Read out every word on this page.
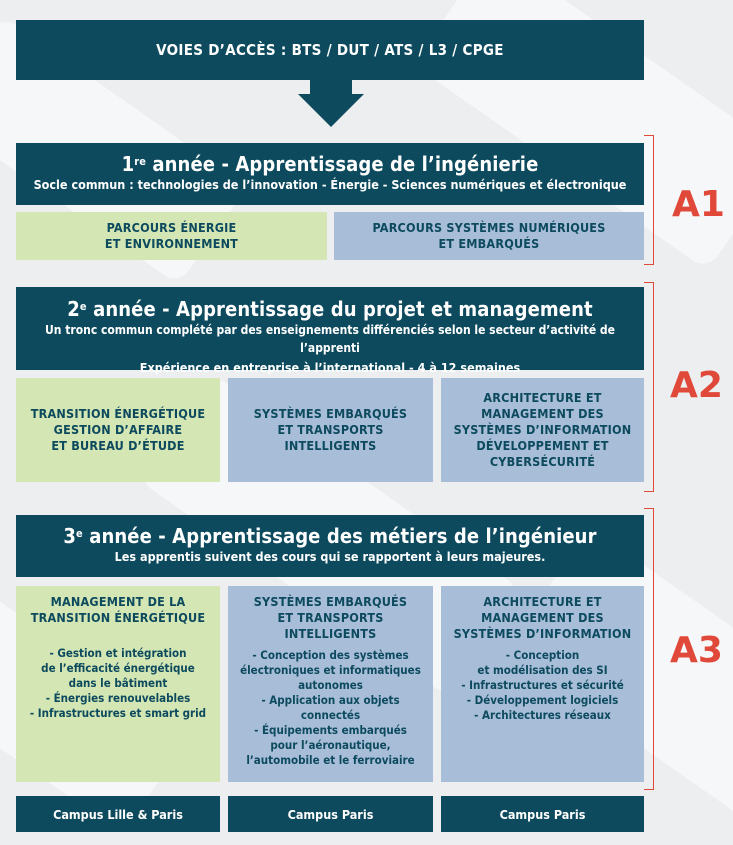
VOIES D’ACCÈS : BTS / DUT / ATS / L3 / CPGE
1re année - Apprentissage de l’ingénierie
Socle commun : technologies de l’innovation - Énergie - Sciences numériques et électronique
PARCOURS ÉNERGIE
ET ENVIRONNEMENT
PARCOURS SYSTÈMES NUMÉRIQUES
ET EMBARQUÉS
A1
2e année - Apprentissage du projet et management
Un tronc commun complété par des enseignements différenciés selon le secteur d’activité de l’apprenti
Expérience en entreprise à l’international - 4 à 12 semaines
TRANSITION ÉNERGÉTIQUE
GESTION D’AFFAIRE
ET BUREAU D’ÉTUDE
SYSTÈMES EMBARQUÉS
ET TRANSPORTS
INTELLIGENTS
ARCHITECTURE ET
MANAGEMENT DES
SYSTÈMES D’INFORMATION
DÉVELOPPEMENT ET
CYBERSÉCURITÉ
A2
3e année - Apprentissage des métiers de l’ingénieur
Les apprentis suivent des cours qui se rapportent à leurs majeures.
MANAGEMENT DE LA
TRANSITION ÉNERGÉTIQUE
- Gestion et intégration
de l’efficacité énergétique
dans le bâtiment
- Énergies renouvelables
- Infrastructures et smart grid
SYSTÈMES EMBARQUÉS
ET TRANSPORTS
INTELLIGENTS
- Conception des systèmes
électroniques et informatiques
autonomes
- Application aux objets connectés
- Équipements embarqués
pour l’aéronautique,
l’automobile et le ferroviaire
ARCHITECTURE ET
MANAGEMENT DES
SYSTÈMES D’INFORMATION
- Conception
et modélisation des SI
- Infrastructures et sécurité
- Développement logiciels
- Architectures réseaux
A3
Campus Lille & Paris	Campus Paris	Campus Paris
